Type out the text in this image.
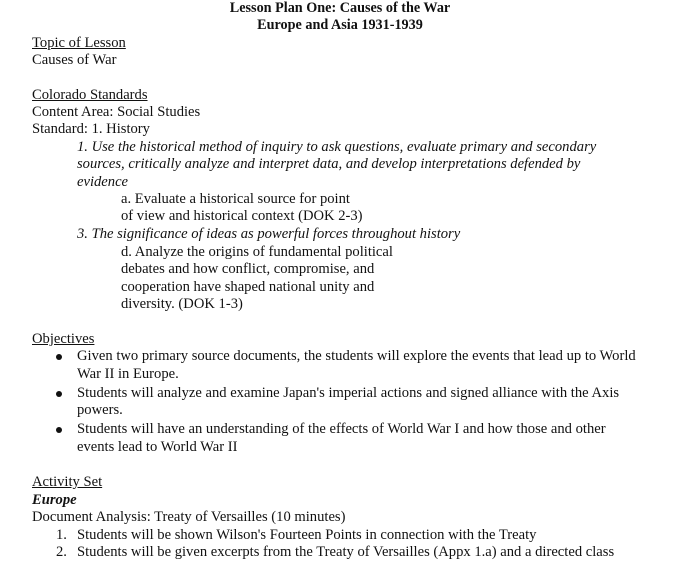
Lesson Plan One: Causes of the War
Europe and Asia 1931-1939
Topic of Lesson
Causes of War
Colorado Standards
Content Area: Social Studies
Standard: 1. History
1. Use the historical method of inquiry to ask questions, evaluate primary and secondary
sources, critically analyze and interpret data, and develop interpretations defended by
evidence
a. Evaluate a historical source for point
of view and historical context (DOK 2-3)
3. The significance of ideas as powerful forces throughout history
d. Analyze the origins of fundamental political
debates and how conflict, compromise, and
cooperation have shaped national unity and
diversity. (DOK 1-3)
Objectives
Given two primary source documents, the students will explore the events that lead up to World
War II in Europe.
Students will analyze and examine Japan's imperial actions and signed alliance with the Axis
powers.
Students will have an understanding of the effects of World War I and how those and other
events lead to World War II
Activity Set
Europe
Document Analysis: Treaty of Versailles (10 minutes)
1. Students will be shown Wilson's Fourteen Points in connection with the Treaty
2. Students will be given excerpts from the Treaty of Versailles (Appx 1.a) and a directed class
